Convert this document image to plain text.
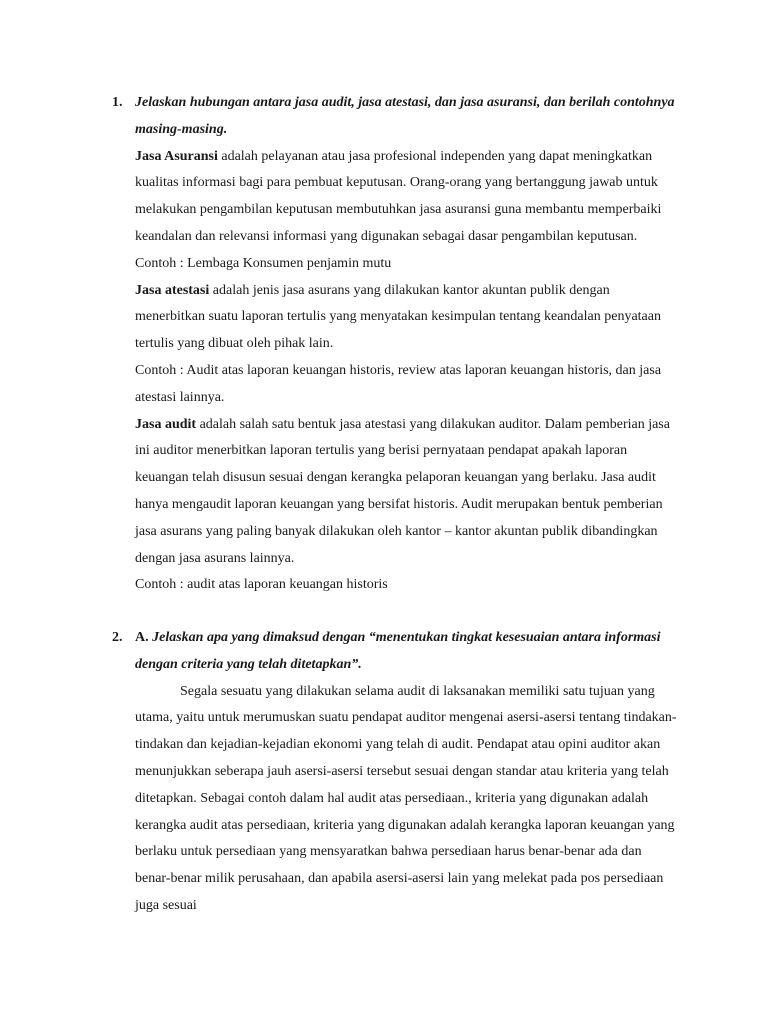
1. Jelaskan hubungan antara jasa audit, jasa atestasi, dan jasa asuransi, dan berilah contohnya masing-masing.

Jasa Asuransi adalah pelayanan atau jasa profesional independen yang dapat meningkatkan kualitas informasi bagi para pembuat keputusan. Orang-orang yang bertanggung jawab untuk melakukan pengambilan keputusan membutuhkan jasa asuransi guna membantu memperbaiki keandalan dan relevansi informasi yang digunakan sebagai dasar pengambilan keputusan.

Contoh : Lembaga Konsumen penjamin mutu

Jasa atestasi adalah jenis jasa asurans yang dilakukan kantor akuntan publik dengan menerbitkan suatu laporan tertulis yang menyatakan kesimpulan tentang keandalan penyataan tertulis yang dibuat oleh pihak lain.

Contoh : Audit atas laporan keuangan historis, review atas laporan keuangan historis, dan jasa atestasi lainnya.

Jasa audit adalah salah satu bentuk jasa atestasi yang dilakukan auditor. Dalam pemberian jasa ini auditor menerbitkan laporan tertulis yang berisi pernyataan pendapat apakah laporan keuangan telah disusun sesuai dengan kerangka pelaporan keuangan yang berlaku. Jasa audit hanya mengaudit laporan keuangan yang bersifat historis. Audit merupakan bentuk pemberian jasa asurans yang paling banyak dilakukan oleh kantor – kantor akuntan publik dibandingkan dengan jasa asurans lainnya.

Contoh : audit atas laporan keuangan historis

2. A. Jelaskan apa yang dimaksud dengan “menentukan tingkat kesesuaian antara informasi dengan criteria yang telah ditetapkan”.

Segala sesuatu yang dilakukan selama audit di laksanakan memiliki satu tujuan yang utama, yaitu untuk merumuskan suatu pendapat auditor mengenai asersi-asersi tentang tindakan-tindakan dan kejadian-kejadian ekonomi yang telah di audit. Pendapat atau opini auditor akan menunjukkan seberapa jauh asersi-asersi tersebut sesuai dengan standar atau kriteria yang telah ditetapkan. Sebagai contoh dalam hal audit atas persediaan., kriteria yang digunakan adalah kerangka audit atas persediaan, kriteria yang digunakan adalah kerangka laporan keuangan yang berlaku untuk persediaan yang mensyaratkan bahwa persediaan harus benar-benar ada dan benar-benar milik perusahaan, dan apabila asersi-asersi lain yang melekat pada pos persediaan juga sesuai
